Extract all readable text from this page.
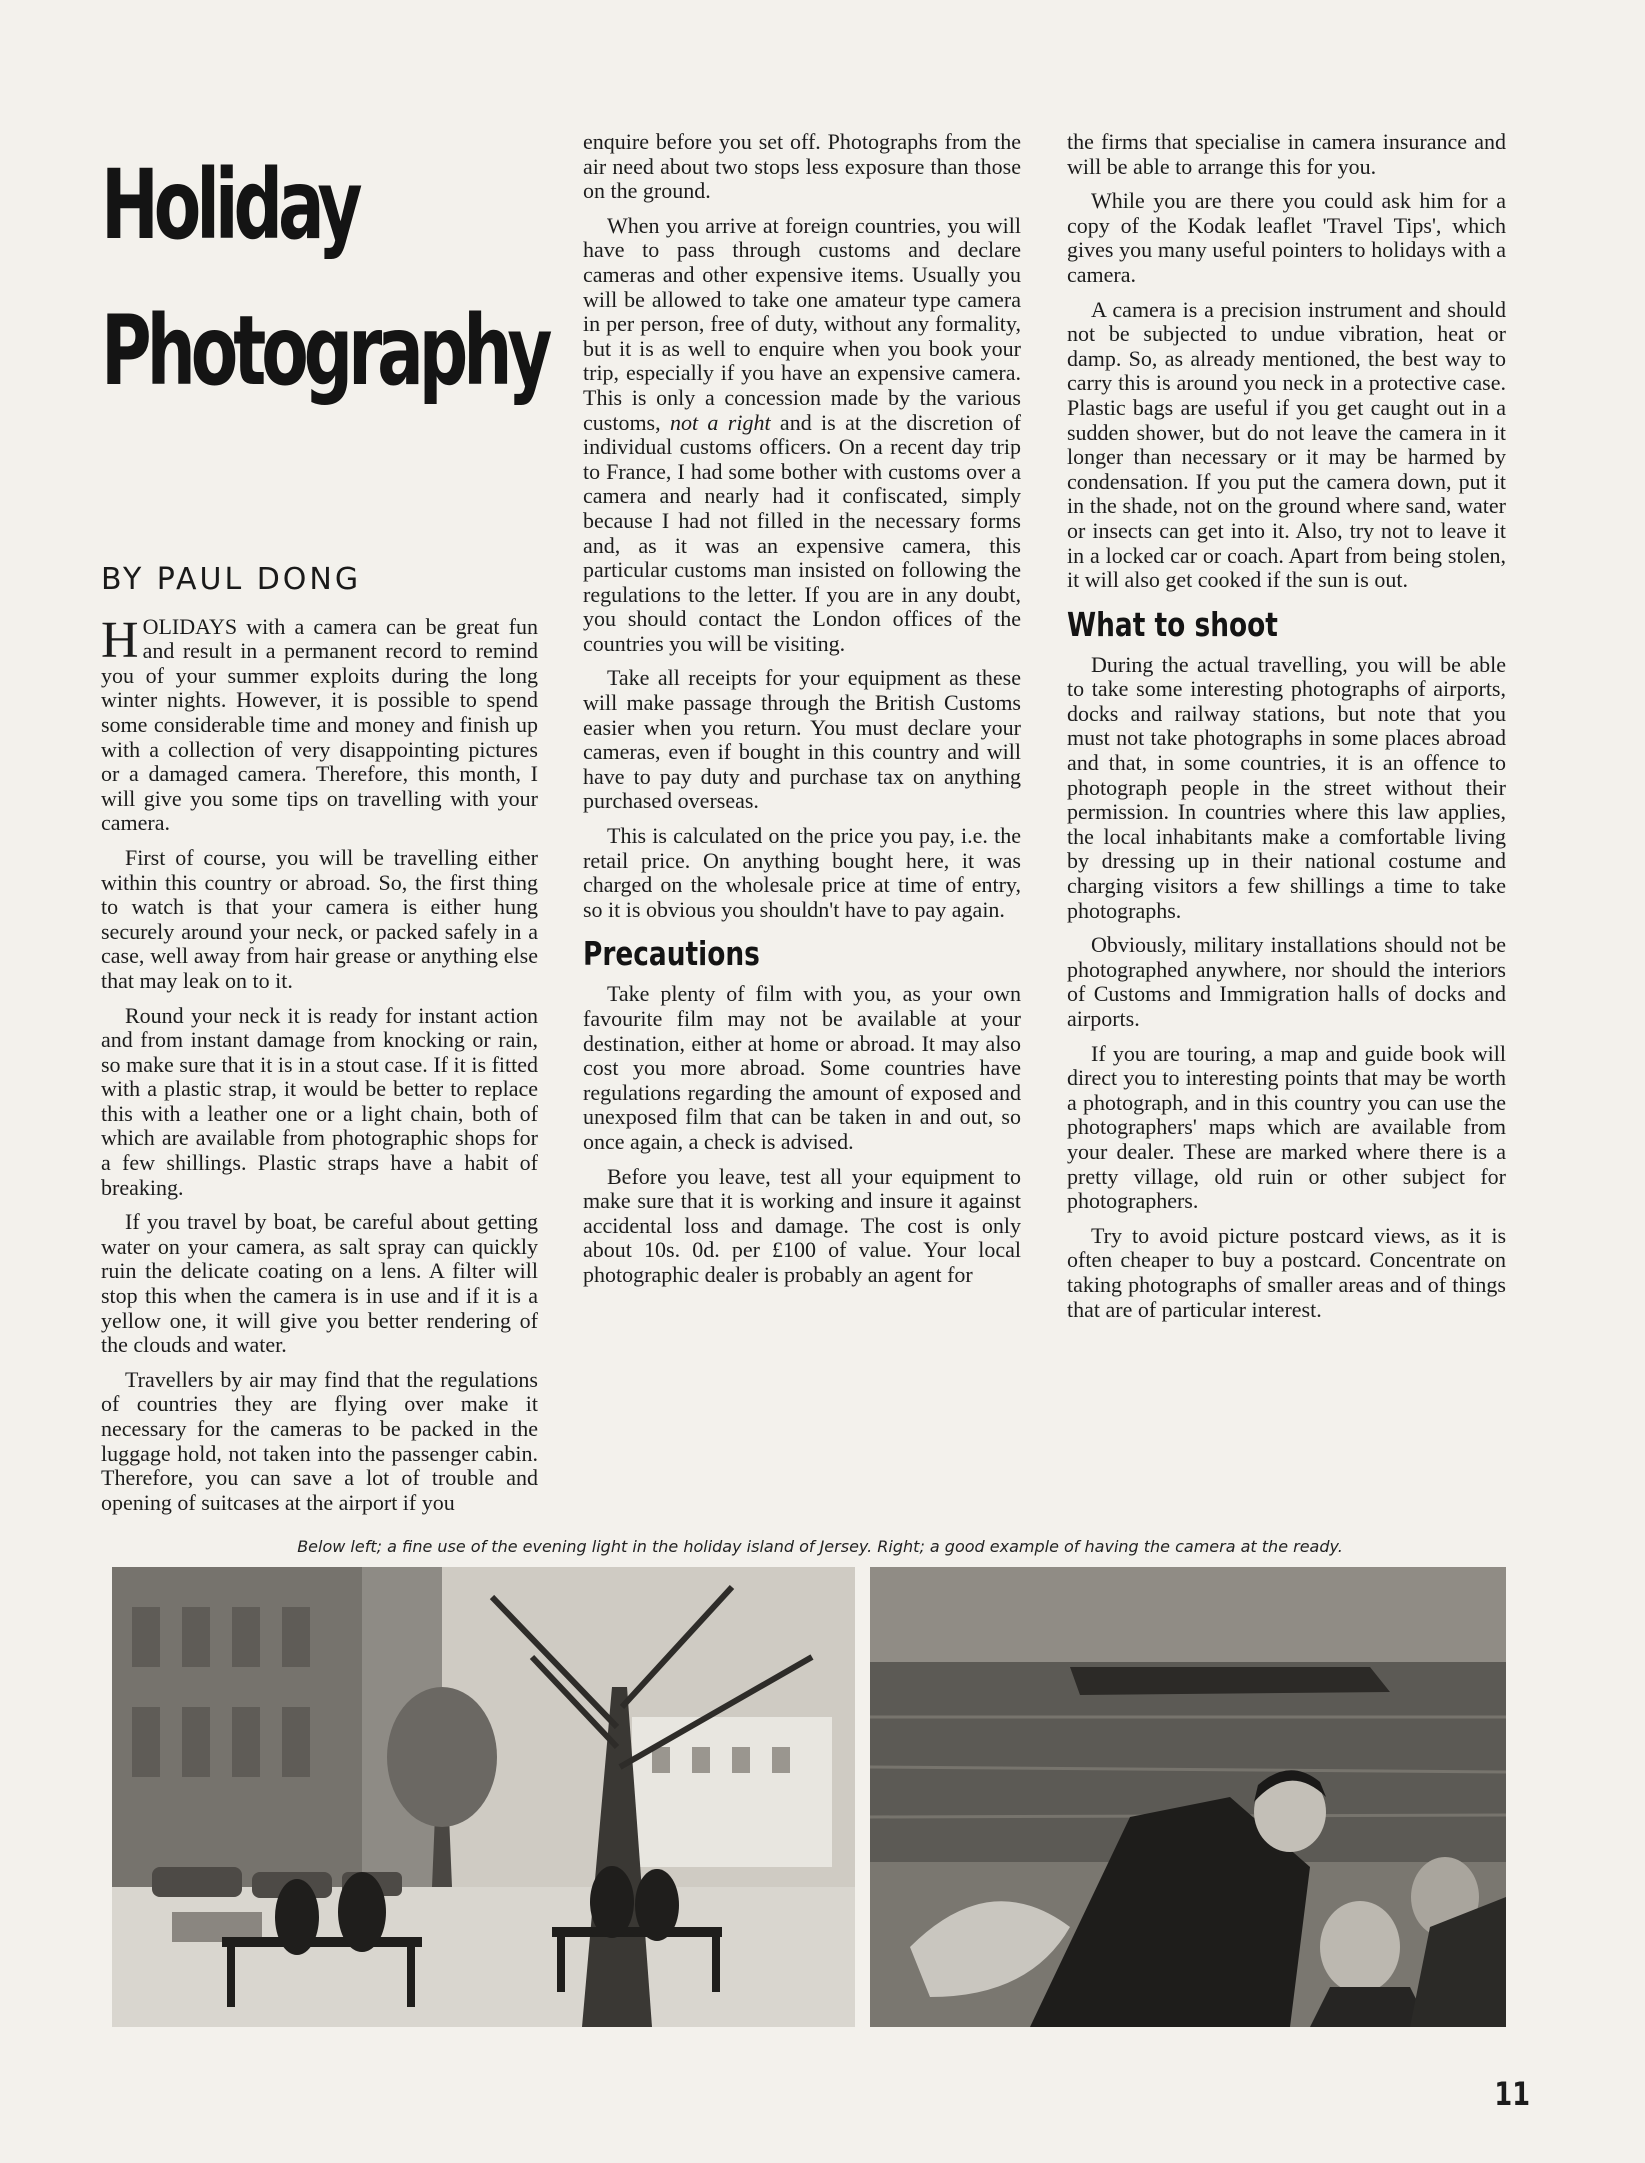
Holiday
Photography
BY PAUL DONG

HOLIDAYS with a camera can be great fun and result in a permanent record to remind you of your summer exploits during the long winter nights. However, it is possible to spend some considerable time and money and finish up with a collection of very disappointing pictures or a damaged camera. Therefore, this month, I will give you some tips on travelling with your camera.

First of course, you will be travelling either within this country or abroad. So, the first thing to watch is that your camera is either hung securely around your neck, or packed safely in a case, well away from hair grease or anything else that may leak on to it.

Round your neck it is ready for instant action and from instant damage from knocking or rain, so make sure that it is in a stout case. If it is fitted with a plastic strap, it would be better to replace this with a leather one or a light chain, both of which are available from photographic shops for a few shillings. Plastic straps have a habit of breaking.

If you travel by boat, be careful about getting water on your camera, as salt spray can quickly ruin the delicate coating on a lens. A filter will stop this when the camera is in use and if it is a yellow one, it will give you better rendering of the clouds and water.

Travellers by air may find that the regulations of countries they are flying over make it necessary for the cameras to be packed in the luggage hold, not taken into the passenger cabin. Therefore, you can save a lot of trouble and opening of suitcases at the airport if you

enquire before you set off. Photographs from the air need about two stops less exposure than those on the ground.

When you arrive at foreign countries, you will have to pass through customs and declare cameras and other expensive items. Usually you will be allowed to take one amateur type camera in per person, free of duty, without any formality, but it is as well to enquire when you book your trip, especially if you have an expensive camera. This is only a concession made by the various customs, not a right and is at the discretion of individual customs officers. On a recent day trip to France, I had some bother with customs over a camera and nearly had it confiscated, simply because I had not filled in the necessary forms and, as it was an expensive camera, this particular customs man insisted on following the regulations to the letter. If you are in any doubt, you should contact the London offices of the countries you will be visiting.

Take all receipts for your equipment as these will make passage through the British Customs easier when you return. You must declare your cameras, even if bought in this country and will have to pay duty and purchase tax on anything purchased overseas.

This is calculated on the price you pay, i.e. the retail price. On anything bought here, it was charged on the wholesale price at time of entry, so it is obvious you shouldn't have to pay again.

Precautions

Take plenty of film with you, as your own favourite film may not be available at your destination, either at home or abroad. It may also cost you more abroad. Some countries have regulations regarding the amount of exposed and unexposed film that can be taken in and out, so once again, a check is advised.

Before you leave, test all your equipment to make sure that it is working and insure it against accidental loss and damage. The cost is only about 10s. 0d. per £100 of value. Your local photographic dealer is probably an agent for

the firms that specialise in camera insurance and will be able to arrange this for you.

While you are there you could ask him for a copy of the Kodak leaflet 'Travel Tips', which gives you many useful pointers to holidays with a camera.

A camera is a precision instrument and should not be subjected to undue vibration, heat or damp. So, as already mentioned, the best way to carry this is around you neck in a protective case. Plastic bags are useful if you get caught out in a sudden shower, but do not leave the camera in it longer than necessary or it may be harmed by condensation. If you put the camera down, put it in the shade, not on the ground where sand, water or insects can get into it. Also, try not to leave it in a locked car or coach. Apart from being stolen, it will also get cooked if the sun is out.

What to shoot

During the actual travelling, you will be able to take some interesting photographs of airports, docks and railway stations, but note that you must not take photographs in some places abroad and that, in some countries, it is an offence to photograph people in the street without their permission. In countries where this law applies, the local inhabitants make a comfortable living by dressing up in their national costume and charging visitors a few shillings a time to take photographs.

Obviously, military installations should not be photographed anywhere, nor should the interiors of Customs and Immigration halls of docks and airports.

If you are touring, a map and guide book will direct you to interesting points that may be worth a photograph, and in this country you can use the photographers' maps which are available from your dealer. These are marked where there is a pretty village, old ruin or other subject for photographers.

Try to avoid picture postcard views, as it is often cheaper to buy a postcard. Concentrate on taking photographs of smaller areas and of things that are of particular interest.

Below left; a fine use of the evening light in the holiday island of Jersey. Right; a good example of having the camera at the ready.
11
